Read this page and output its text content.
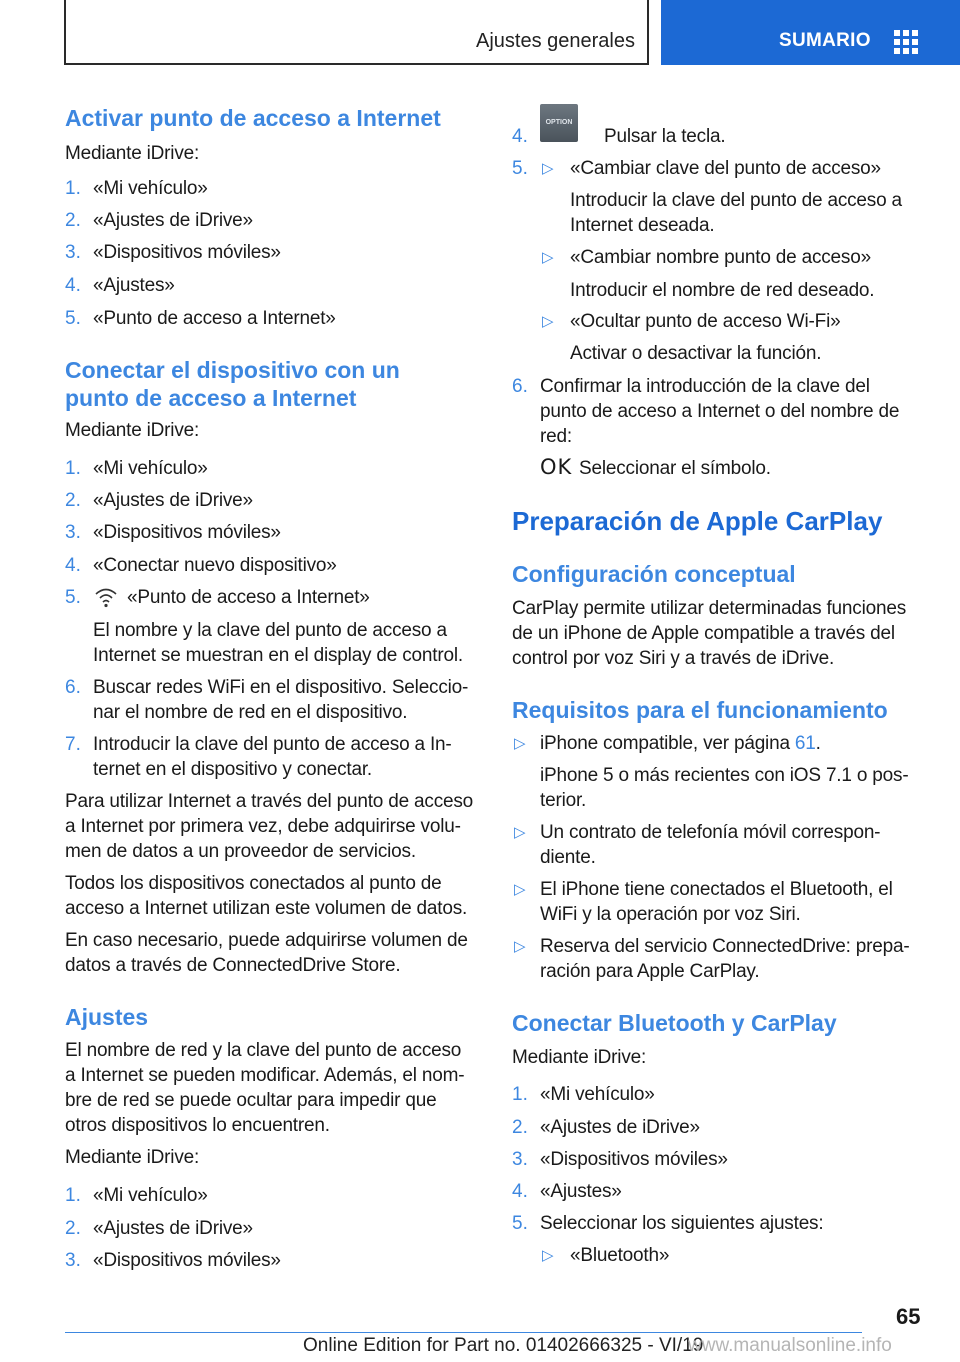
Ajustes generales	SUMARIO
Activar punto de acceso a Internet
Mediante iDrive:
1. «Mi vehículo»
2. «Ajustes de iDrive»
3. «Dispositivos móviles»
4. «Ajustes»
5. «Punto de acceso a Internet»
Conectar el dispositivo con un
punto de acceso a Internet
Mediante iDrive:
1. «Mi vehículo»
2. «Ajustes de iDrive»
3. «Dispositivos móviles»
4. «Conectar nuevo dispositivo»
5. «Punto de acceso a Internet»
El nombre y la clave del punto de acceso a
Internet se muestran en el display de control.
6. Buscar redes WiFi en el dispositivo. Seleccio‐
nar el nombre de red en el dispositivo.
7. Introducir la clave del punto de acceso a In‐
ternet en el dispositivo y conectar.
Para utilizar Internet a través del punto de acceso
a Internet por primera vez, debe adquirirse volu‐
men de datos a un proveedor de servicios.
Todos los dispositivos conectados al punto de
acceso a Internet utilizan este volumen de datos.
En caso necesario, puede adquirirse volumen de
datos a través de ConnectedDrive Store.
Ajustes
El nombre de red y la clave del punto de acceso
a Internet se pueden modificar. Además, el nom‐
bre de red se puede ocultar para impedir que
otros dispositivos lo encuentren.
Mediante iDrive:
1. «Mi vehículo»
2. «Ajustes de iDrive»
3. «Dispositivos móviles»
4.
OPTION
Pulsar la tecla.
5. ▷ «Cambiar clave del punto de acceso»
Introducir la clave del punto de acceso a
Internet deseada.
▷ «Cambiar nombre punto de acceso»
Introducir el nombre de red deseado.
▷ «Ocultar punto de acceso Wi‑Fi»
Activar o desactivar la función.
6. Confirmar la introducción de la clave del
punto de acceso a Internet o del nombre de
red:
OK Seleccionar el símbolo.
Preparación de Apple CarPlay
Configuración conceptual
CarPlay permite utilizar determinadas funciones
de un iPhone de Apple compatible a través del
control por voz Siri y a través de iDrive.
Requisitos para el funcionamiento
▷ iPhone compatible, ver página 61.
iPhone 5 o más recientes con iOS 7.1 o pos‐
terior.
▷ Un contrato de telefonía móvil correspon‐
diente.
▷ El iPhone tiene conectados el Bluetooth, el
WiFi y la operación por voz Siri.
▷ Reserva del servicio ConnectedDrive: prepa‐
ración para Apple CarPlay.
Conectar Bluetooth y CarPlay
Mediante iDrive:
1. «Mi vehículo»
2. «Ajustes de iDrive»
3. «Dispositivos móviles»
4. «Ajustes»
5. Seleccionar los siguientes ajustes:
▷ «Bluetooth»
65
Online Edition for Part no. 01402666325 - VI/19
www.manualsonline.info
